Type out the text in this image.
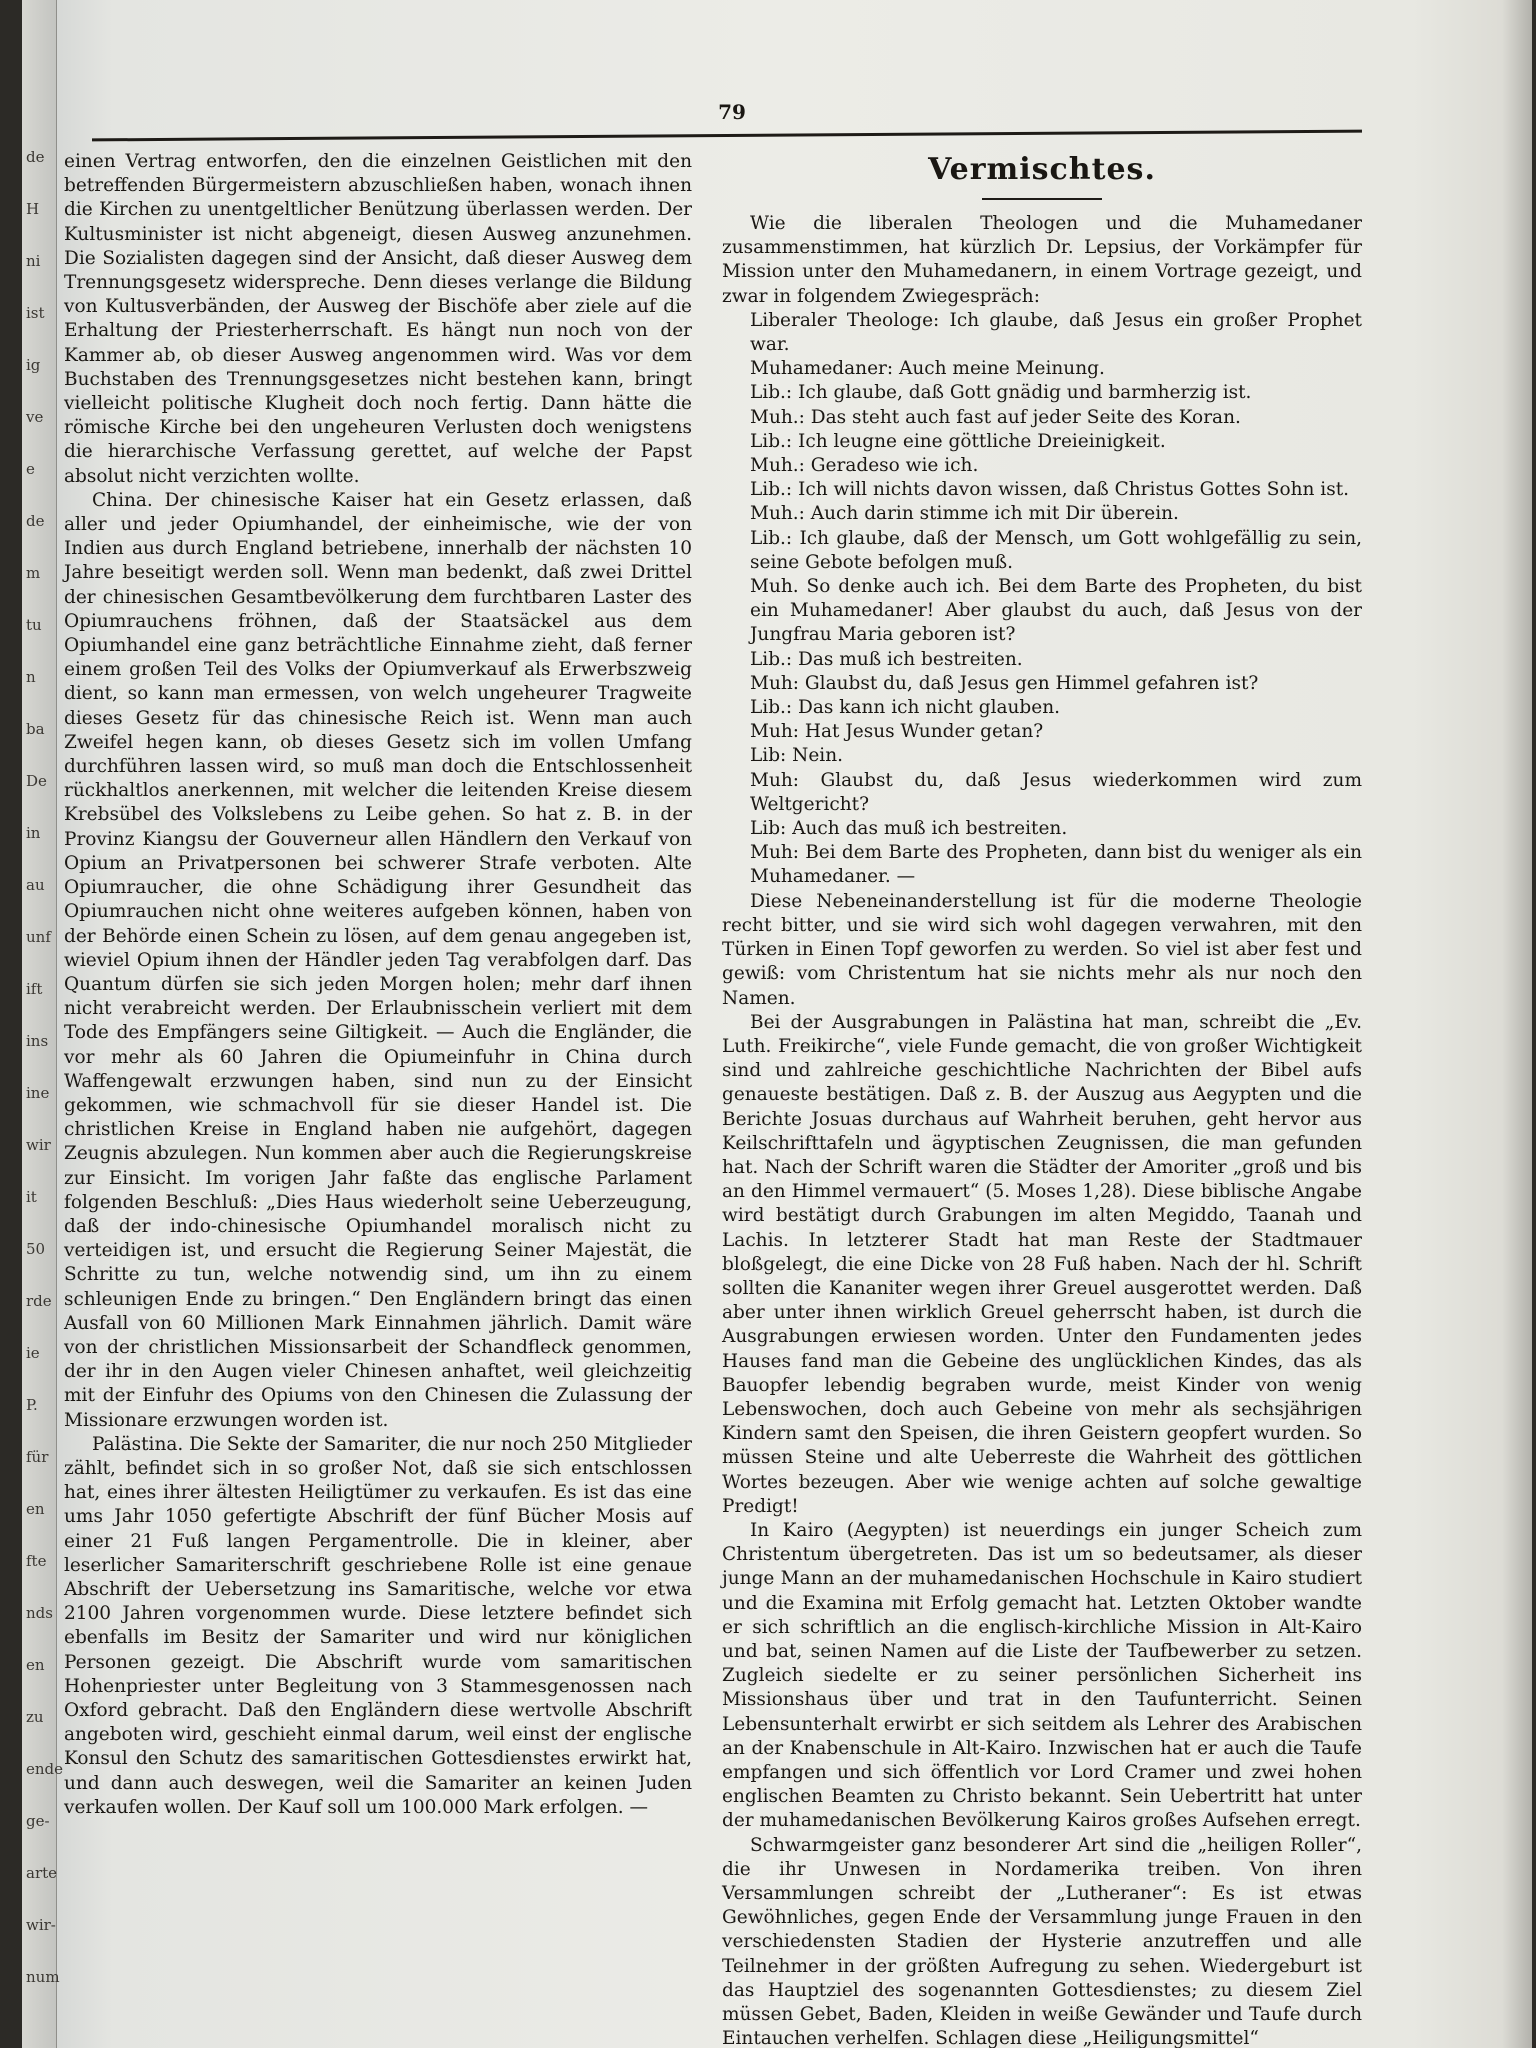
de
H
ni
ist
ig
ve
e
de
m
tu
n
ba
De
in
au
unf
ift
ins
ine
wir
it
50
rde
ie
P.
für
en
fte
nds
en
zu
ende
ge-
arte
wir-
num
79

einen Vertrag entworfen, den die einzelnen Geistlichen mit den betreffenden Bürgermeistern abzuschließen haben, wonach ihnen die Kirchen zu unentgeltlicher Benützung überlassen werden. Der Kultusminister ist nicht abgeneigt, diesen Ausweg anzunehmen. Die Sozialisten dagegen sind der Ansicht, daß dieser Ausweg dem Trennungsgesetz widerspreche. Denn dieses verlange die Bildung von Kultusverbänden, der Ausweg der Bischöfe aber ziele auf die Erhaltung der Priesterherrschaft. Es hängt nun noch von der Kammer ab, ob dieser Ausweg angenommen wird. Was vor dem Buchstaben des Trennungsgesetzes nicht bestehen kann, bringt vielleicht politische Klugheit doch noch fertig. Dann hätte die römische Kirche bei den ungeheuren Verlusten doch wenigstens die hierarchische Verfassung gerettet, auf welche der Papst absolut nicht verzichten wollte.

China. Der chinesische Kaiser hat ein Gesetz erlassen, daß aller und jeder Opiumhandel, der einheimische, wie der von Indien aus durch England betriebene, innerhalb der nächsten 10 Jahre beseitigt werden soll. Wenn man bedenkt, daß zwei Drittel der chinesischen Gesamtbevölkerung dem furchtbaren Laster des Opiumrauchens fröhnen, daß der Staatsäckel aus dem Opiumhandel eine ganz beträchtliche Einnahme zieht, daß ferner einem großen Teil des Volks der Opiumverkauf als Erwerbszweig dient, so kann man ermessen, von welch ungeheurer Tragweite dieses Gesetz für das chinesische Reich ist. Wenn man auch Zweifel hegen kann, ob dieses Gesetz sich im vollen Umfang durchführen lassen wird, so muß man doch die Entschlossenheit rückhaltlos anerkennen, mit welcher die leitenden Kreise diesem Krebsübel des Volkslebens zu Leibe gehen. So hat z. B. in der Provinz Kiangsu der Gouverneur allen Händlern den Verkauf von Opium an Privatpersonen bei schwerer Strafe verboten. Alte Opiumraucher, die ohne Schädigung ihrer Gesundheit das Opiumrauchen nicht ohne weiteres aufgeben können, haben von der Behörde einen Schein zu lösen, auf dem genau angegeben ist, wieviel Opium ihnen der Händler jeden Tag verabfolgen darf. Das Quantum dürfen sie sich jeden Morgen holen; mehr darf ihnen nicht verabreicht werden. Der Erlaubnisschein verliert mit dem Tode des Empfängers seine Giltigkeit. — Auch die Engländer, die vor mehr als 60 Jahren die Opiumeinfuhr in China durch Waffengewalt erzwungen haben, sind nun zu der Einsicht gekommen, wie schmachvoll für sie dieser Handel ist. Die christlichen Kreise in England haben nie aufgehört, dagegen Zeugnis abzulegen. Nun kommen aber auch die Regierungskreise zur Einsicht. Im vorigen Jahr faßte das englische Parlament folgenden Beschluß: „Dies Haus wiederholt seine Ueberzeugung, daß der indo-chinesische Opiumhandel moralisch nicht zu verteidigen ist, und ersucht die Regierung Seiner Majestät, die Schritte zu tun, welche notwendig sind, um ihn zu einem schleunigen Ende zu bringen.“ Den Engländern bringt das einen Ausfall von 60 Millionen Mark Einnahmen jährlich. Damit wäre von der christlichen Missionsarbeit der Schandfleck genommen, der ihr in den Augen vieler Chinesen anhaftet, weil gleichzeitig mit der Einfuhr des Opiums von den Chinesen die Zulassung der Missionare erzwungen worden ist.

Palästina. Die Sekte der Samariter, die nur noch 250 Mitglieder zählt, befindet sich in so großer Not, daß sie sich entschlossen hat, eines ihrer ältesten Heiligtümer zu verkaufen. Es ist das eine ums Jahr 1050 gefertigte Abschrift der fünf Bücher Mosis auf einer 21 Fuß langen Pergamentrolle. Die in kleiner, aber leserlicher Samariterschrift geschriebene Rolle ist eine genaue Abschrift der Uebersetzung ins Samaritische, welche vor etwa 2100 Jahren vorgenommen wurde. Diese letztere befindet sich ebenfalls im Besitz der Samariter und wird nur königlichen Personen gezeigt. Die Abschrift wurde vom samaritischen Hohenpriester unter Begleitung von 3 Stammesgenossen nach Oxford gebracht. Daß den Engländern diese wertvolle Abschrift angeboten wird, geschieht einmal darum, weil einst der englische Konsul den Schutz des samaritischen Gottesdienstes erwirkt hat, und dann auch deswegen, weil die Samariter an keinen Juden verkaufen wollen. Der Kauf soll um 100.000 Mark erfolgen. —

Vermischtes.

Wie die liberalen Theologen und die Muhamedaner zusammenstimmen, hat kürzlich Dr. Lepsius, der Vorkämpfer für Mission unter den Muhamedanern, in einem Vortrage gezeigt, und zwar in folgendem Zwiegespräch:

Liberaler Theologe: Ich glaube, daß Jesus ein großer Prophet war.

Muhamedaner: Auch meine Meinung.

Lib.: Ich glaube, daß Gott gnädig und barmherzig ist.

Muh.: Das steht auch fast auf jeder Seite des Koran.

Lib.: Ich leugne eine göttliche Dreieinigkeit.

Muh.: Geradeso wie ich.

Lib.: Ich will nichts davon wissen, daß Christus Gottes Sohn ist.

Muh.: Auch darin stimme ich mit Dir überein.

Lib.: Ich glaube, daß der Mensch, um Gott wohlgefällig zu sein, seine Gebote befolgen muß.

Muh. So denke auch ich. Bei dem Barte des Propheten, du bist ein Muhamedaner! Aber glaubst du auch, daß Jesus von der Jungfrau Maria geboren ist?

Lib.: Das muß ich bestreiten.

Muh: Glaubst du, daß Jesus gen Himmel gefahren ist?

Lib.: Das kann ich nicht glauben.

Muh: Hat Jesus Wunder getan?

Lib: Nein.

Muh: Glaubst du, daß Jesus wiederkommen wird zum Weltgericht?

Lib: Auch das muß ich bestreiten.

Muh: Bei dem Barte des Propheten, dann bist du weniger als ein Muhamedaner. —

Diese Nebeneinanderstellung ist für die moderne Theologie recht bitter, und sie wird sich wohl dagegen verwahren, mit den Türken in Einen Topf geworfen zu werden. So viel ist aber fest und gewiß: vom Christentum hat sie nichts mehr als nur noch den Namen.

Bei der Ausgrabungen in Palästina hat man, schreibt die „Ev. Luth. Freikirche“, viele Funde gemacht, die von großer Wichtigkeit sind und zahlreiche geschichtliche Nachrichten der Bibel aufs genaueste bestätigen. Daß z. B. der Auszug aus Aegypten und die Berichte Josuas durchaus auf Wahrheit beruhen, geht hervor aus Keilschrifttafeln und ägyptischen Zeugnissen, die man gefunden hat. Nach der Schrift waren die Städter der Amoriter „groß und bis an den Himmel vermauert“ (5. Moses 1,28). Diese biblische Angabe wird bestätigt durch Grabungen im alten Megiddo, Taanah und Lachis. In letzterer Stadt hat man Reste der Stadtmauer bloßgelegt, die eine Dicke von 28 Fuß haben. Nach der hl. Schrift sollten die Kananiter wegen ihrer Greuel ausgerottet werden. Daß aber unter ihnen wirklich Greuel geherrscht haben, ist durch die Ausgrabungen erwiesen worden. Unter den Fundamenten jedes Hauses fand man die Gebeine des unglücklichen Kindes, das als Bauopfer lebendig begraben wurde, meist Kinder von wenig Lebenswochen, doch auch Gebeine von mehr als sechsjährigen Kindern samt den Speisen, die ihren Geistern geopfert wurden. So müssen Steine und alte Ueberreste die Wahrheit des göttlichen Wortes bezeugen. Aber wie wenige achten auf solche gewaltige Predigt!

In Kairo (Aegypten) ist neuerdings ein junger Scheich zum Christentum übergetreten. Das ist um so bedeutsamer, als dieser junge Mann an der muhamedanischen Hochschule in Kairo studiert und die Examina mit Erfolg gemacht hat. Letzten Oktober wandte er sich schriftlich an die englisch-kirchliche Mission in Alt-Kairo und bat, seinen Namen auf die Liste der Taufbewerber zu setzen. Zugleich siedelte er zu seiner persönlichen Sicherheit ins Missionshaus über und trat in den Taufunterricht. Seinen Lebensunterhalt erwirbt er sich seitdem als Lehrer des Arabischen an der Knabenschule in Alt-Kairo. Inzwischen hat er auch die Taufe empfangen und sich öffentlich vor Lord Cramer und zwei hohen englischen Beamten zu Christo bekannt. Sein Uebertritt hat unter der muhamedanischen Bevölkerung Kairos großes Aufsehen erregt.

Schwarmgeister ganz besonderer Art sind die „heiligen Roller“, die ihr Unwesen in Nordamerika treiben. Von ihren Versammlungen schreibt der „Lutheraner“: Es ist etwas Gewöhnliches, gegen Ende der Versammlung junge Frauen in den verschiedensten Stadien der Hysterie anzutreffen und alle Teilnehmer in der größten Aufregung zu sehen. Wiedergeburt ist das Hauptziel des sogenannten Gottesdienstes; zu diesem Ziel müssen Gebet, Baden, Kleiden in weiße Gewänder und Taufe durch Eintauchen verhelfen. Schlagen diese „Heiligungsmittel“
